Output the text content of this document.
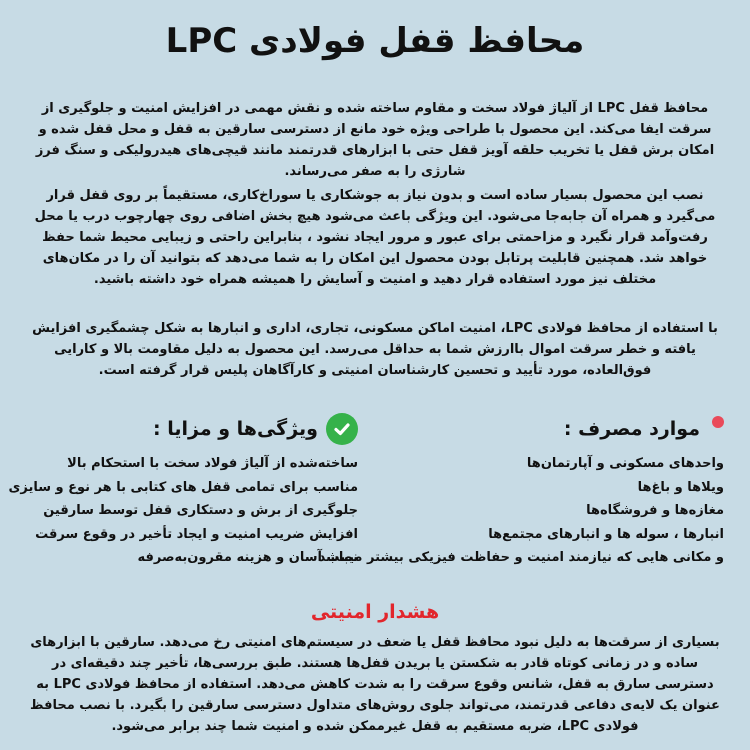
محافظ قفل فولادی LPC
محافظ قفل LPC از آلیاژ فولاد سخت و مقاوم ساخته شده و نقش مهمی در افزایش امنیت و جلوگیری از سرقت ایفا می‌کند. این محصول با طراحی ویژه خود مانع از دسترسی سارقین به قفل و محل قفل شده و امکان برش قفل یا تخریب حلقه آویز قفل حتی با ابزارهای قدرتمند مانند قیچی‌های هیدرولیکی و سنگ فرز شارژی را به صفر می‌رساند.
نصب این محصول بسیار ساده است و بدون نیاز به جوشکاری یا سوراخ‌کاری، مستقیماً بر روی قفل قرار می‌گیرد و همراه آن جابه‌جا می‌شود. این ویژگی باعث می‌شود هیچ بخش اضافی روی چهارچوب درب یا محل رفت‌وآمد قرار نگیرد و مزاحمتی برای عبور و مرور ایجاد نشود ، بنابراین راحتی و زیبایی محیط شما حفظ خواهد شد. همچنین قابلیت پرتابل بودن محصول این امکان را به شما می‌دهد که بتوانید آن را در مکان‌های مختلف نیز مورد استفاده قرار دهید و امنیت و آسایش را همیشه همراه خود داشته باشید.
با استفاده از محافظ فولادی LPC، امنیت اماکن مسکونی، تجاری، اداری و انبارها به شکل چشمگیری افزایش یافته و خطر سرقت اموال باارزش شما به حداقل می‌رسد. این محصول به دلیل مقاومت بالا و کارایی فوق‌العاده، مورد تأیید و تحسین کارشناسان امنیتی و کارآگاهان پلیس قرار گرفته است.
موارد مصرف :
واحدهای مسکونی و آپارتمان‌ها
ویلاها و باغ‌ها
مغازه‌ها و فروشگاه‌ها
انبارها ، سوله ها و انبارهای مجتمع‌ها
و مکانی هایی که نیازمند امنیت و حفاظت فیزیکی بیشتر میباشد
ویژگی‌ها و مزایا :
ساخته‌شده از آلیاژ فولاد سخت با استحکام بالا
مناسب برای تمامی قفل های کتابی با هر نوع و سایزی
جلوگیری از برش و دستکاری قفل توسط سارقین
افزایش ضریب امنیت و ایجاد تأخیر در وقوع سرقت
نصب آسان و هزینه مقرون‌به‌صرفه
هشدار امنیتی
بسیاری از سرقت‌ها به دلیل نبود محافظ قفل یا ضعف در سیستم‌های امنیتی رخ می‌دهد. سارقین با ابزارهای ساده و در زمانی کوتاه قادر به شکستن یا بریدن قفل‌ها هستند. طبق بررسی‌ها، تأخیر چند دقیقه‌ای در دسترسی سارق به قفل، شانس وقوع سرقت را به شدت کاهش می‌دهد. استفاده از محافظ فولادی LPC به عنوان یک لایه‌ی دفاعی قدرتمند، می‌تواند جلوی روش‌های متداول دسترسی سارقین را بگیرد. با نصب محافظ فولادی LPC، ضربه مستقیم به قفل غیرممکن شده و امنیت شما چند برابر می‌شود.
